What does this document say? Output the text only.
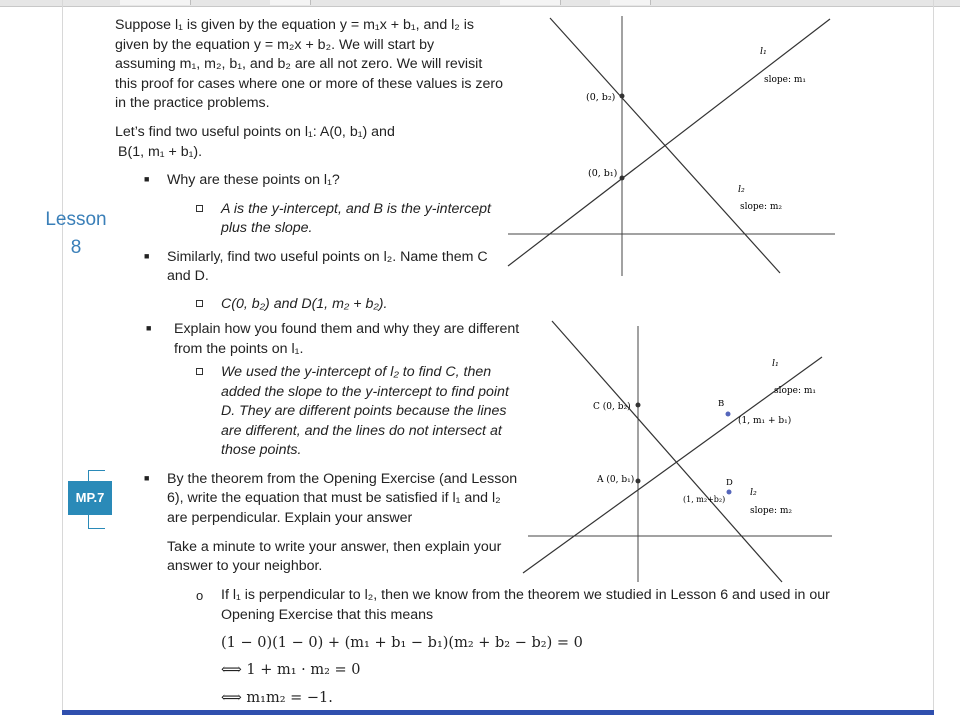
Lesson
8
MP.7
Suppose l₁ is given by the equation y = m₁x + b₁, and l₂ is
given by the equation y = m₂x + b₂. We will start by
assuming m₁, m₂, b₁, and b₂ are all not zero. We will revisit
this proof for cases where one or more of these values is zero
in the practice problems.
Let’s find two useful points on l₁: A(0, b₁) and
B(1, m₁ + b₁).
■ Why are these points on l₁?
A is the y-intercept, and B is the y-intercept
plus the slope.
■ Similarly, find two useful points on l₂. Name them C
and D.
C(0, b₂) and D(1, m₂ + b₂).
■ Explain how you found them and why they are different
from the points on l₁.
We used the y-intercept of l₂ to find C, then
added the slope to the y-intercept to find point
D. They are different points because the lines
are different, and the lines do not intersect at
those points.
■ By the theorem from the Opening Exercise (and Lesson
6), write the equation that must be satisfied if l₁ and l₂
are perpendicular. Explain your answer
Take a minute to write your answer, then explain your
answer to your neighbor.
o If l₁ is perpendicular to l₂, then we know from the theorem we studied in Lesson 6 and used in our
Opening Exercise that this means
(1 − 0)(1 − 0) + (m₁ + b₁ − b₁)(m₂ + b₂ − b₂) = 0
⟺ 1 + m₁ · m₂ = 0
⟺ m₁m₂ = −1.
(0, b₂)
(0, b₁)
l₁
slope: m₁
l₂
slope: m₂
C (0, b₂)
A (0, b₁)
B
(1, m₁ + b₁)
D
(1, m₂+b₂)
l₁
slope: m₁
l₂
slope: m₂
